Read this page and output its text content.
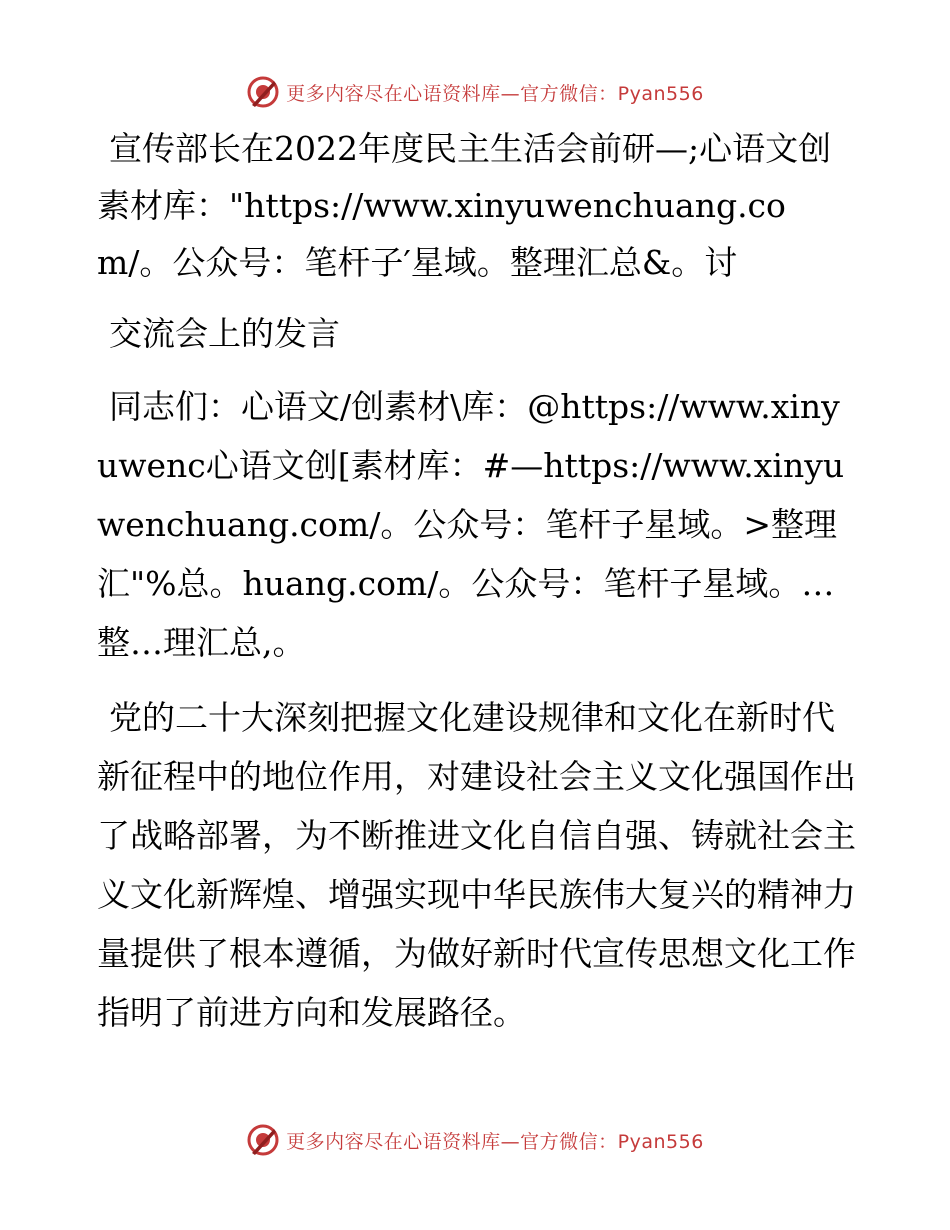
更多内容尽在心语资料库—官方微信：Pyan556

宣传部长在2022年度民主生活会前研—;心语文创素材库："https://www.xinyuwenchuang.com/。公众号：笔杆子′星域。整理汇总&。讨

交流会上的发言

同志们：心语文/创素材\库：@https://www.xinyuwenc心语文创[素材库：#—https://www.xinyuwenchuang.com/。公众号：笔杆子星域。>整理汇"%总。huang.com/。公众号：笔杆子星域。…整…理汇总,。

党的二十大深刻把握文化建设规律和文化在新时代新征程中的地位作用，对建设社会主义文化强国作出了战略部署，为不断推进文化自信自强、铸就社会主义文化新辉煌、增强实现中华民族伟大复兴的精神力量提供了根本遵循，为做好新时代宣传思想文化工作指明了前进方向和发展路径。

更多内容尽在心语资料库—官方微信：Pyan556
